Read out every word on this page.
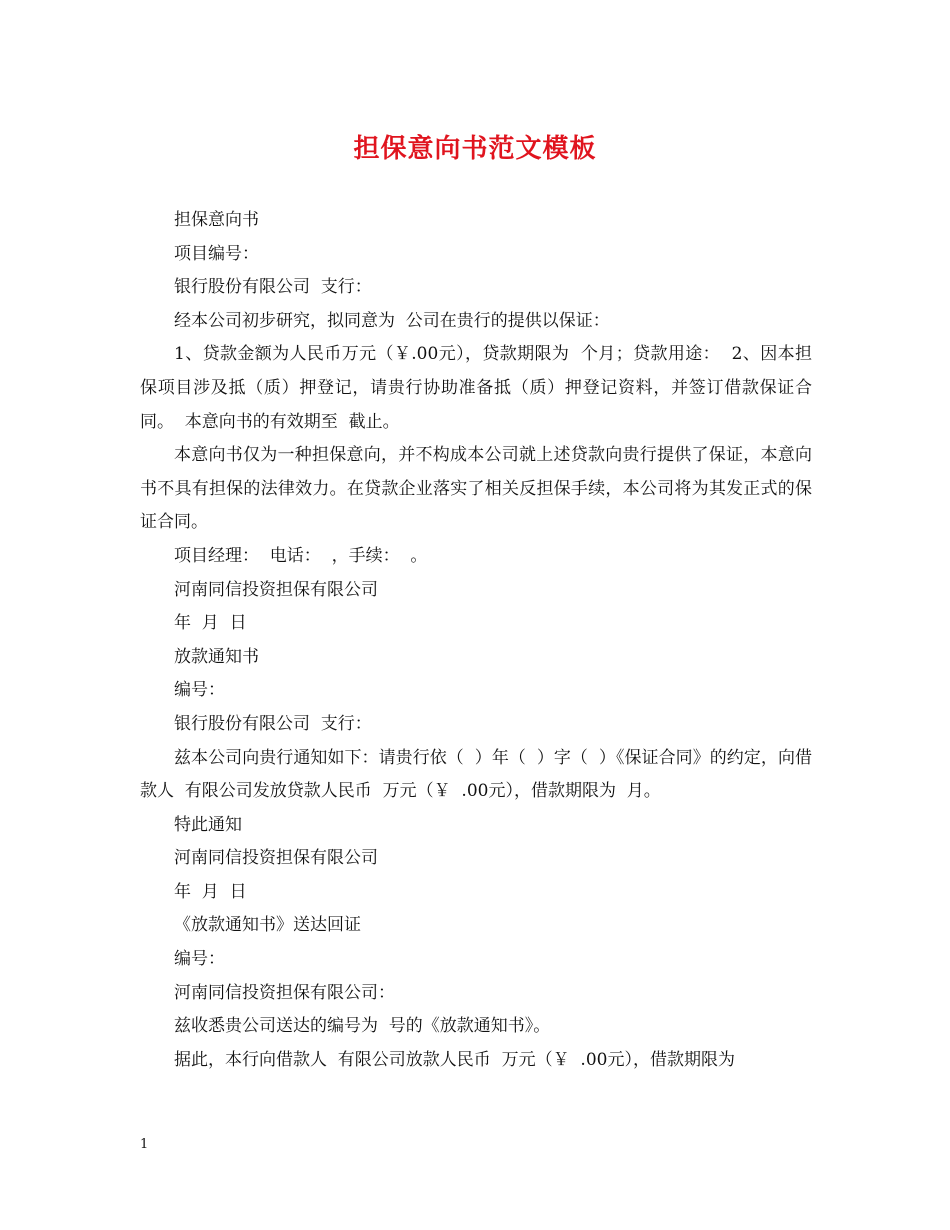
担保意向书范文模板

担保意向书

项目编号：

银行股份有限公司  支行：

经本公司初步研究，拟同意为  公司在贵行的提供以保证：

1、贷款金额为人民币万元（￥.00元），贷款期限为  个月；贷款用途：  2、因本担保项目涉及抵（质）押登记，请贵行协助准备抵（质）押登记资料，并签订借款保证合同。  本意向书的有效期至  截止。

本意向书仅为一种担保意向，并不构成本公司就上述贷款向贵行提供了保证，本意向书不具有担保的法律效力。在贷款企业落实了相关反担保手续，本公司将为其发正式的保证合同。

项目经理：  电话：  ，手续：  。

河南同信投资担保有限公司

年  月  日

放款通知书

编号：

银行股份有限公司  支行：

兹本公司向贵行通知如下：请贵行依（  ）年（  ）字（  ）《保证合同》的约定，向借款人  有限公司发放贷款人民币  万元（￥  .00元），借款期限为  月。

特此通知

河南同信投资担保有限公司

年  月  日

《放款通知书》送达回证

编号：

河南同信投资担保有限公司：

兹收悉贵公司送达的编号为  号的《放款通知书》。

据此，本行向借款人  有限公司放款人民币  万元（￥  .00元），借款期限为

1
